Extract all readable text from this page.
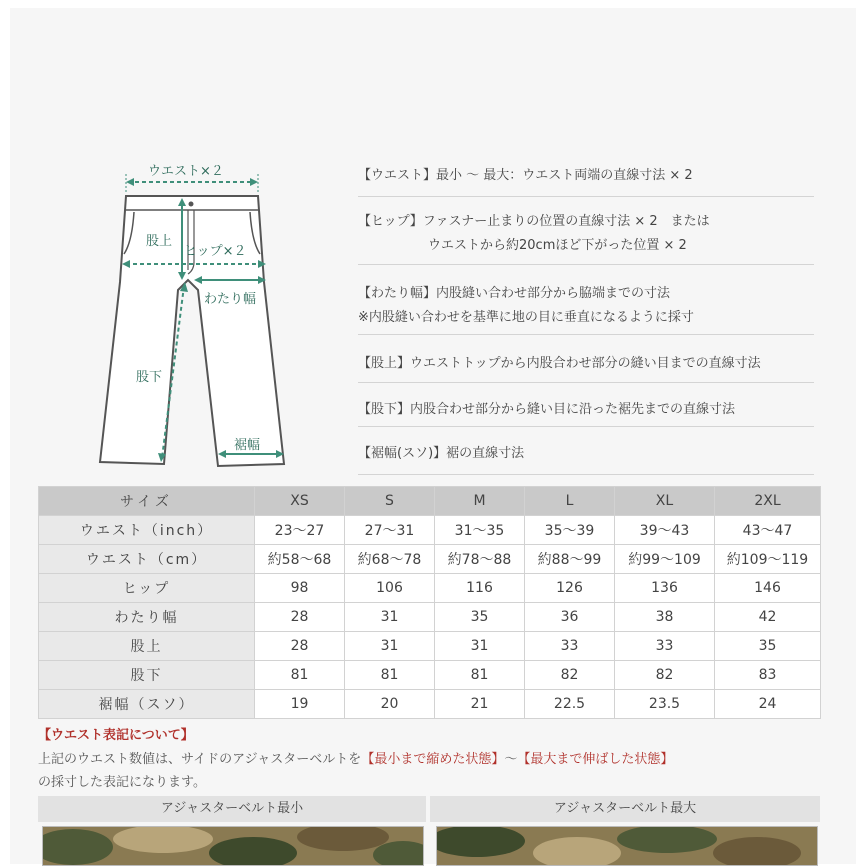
ウエスト×２
股上
ヒップ×２
わたり幅
股下
裾幅
【ウエスト】最小 ～ 最大：ウエスト両端の直線寸法 × 2
【ヒップ】ファスナー止まりの位置の直線寸法 × 2　または
ウエストから約20cmほど下がった位置 × 2
【わたり幅】内股縫い合わせ部分から脇端までの寸法
※内股縫い合わせを基準に地の目に垂直になるように採寸
【股上】ウエストトップから内股合わせ部分の縫い目までの直線寸法
【股下】内股合わせ部分から縫い目に沿った裾先までの直線寸法
【裾幅(スソ)】裾の直線寸法
サイズ	XS	S	M	L	XL	2XL
ウエスト（inch）	23～27	27～31	31～35	35～39	39～43	43～47
ウエスト（cm）	約58～68	約68～78	約78～88	約88～99	約99～109	約109～119
ヒップ	98	106	116	126	136	146
わたり幅	28	31	35	36	38	42
股上	28	31	31	33	33	35
股下	81	81	81	82	82	83
裾幅（スソ）	19	20	21	22.5	23.5	24
【ウエスト表記について】
上記のウエスト数値は、サイドのアジャスターベルトを【最小まで縮めた状態】～【最大まで伸ばした状態】
の採寸した表記になります。
アジャスターベルト最小	アジャスターベルト最大
